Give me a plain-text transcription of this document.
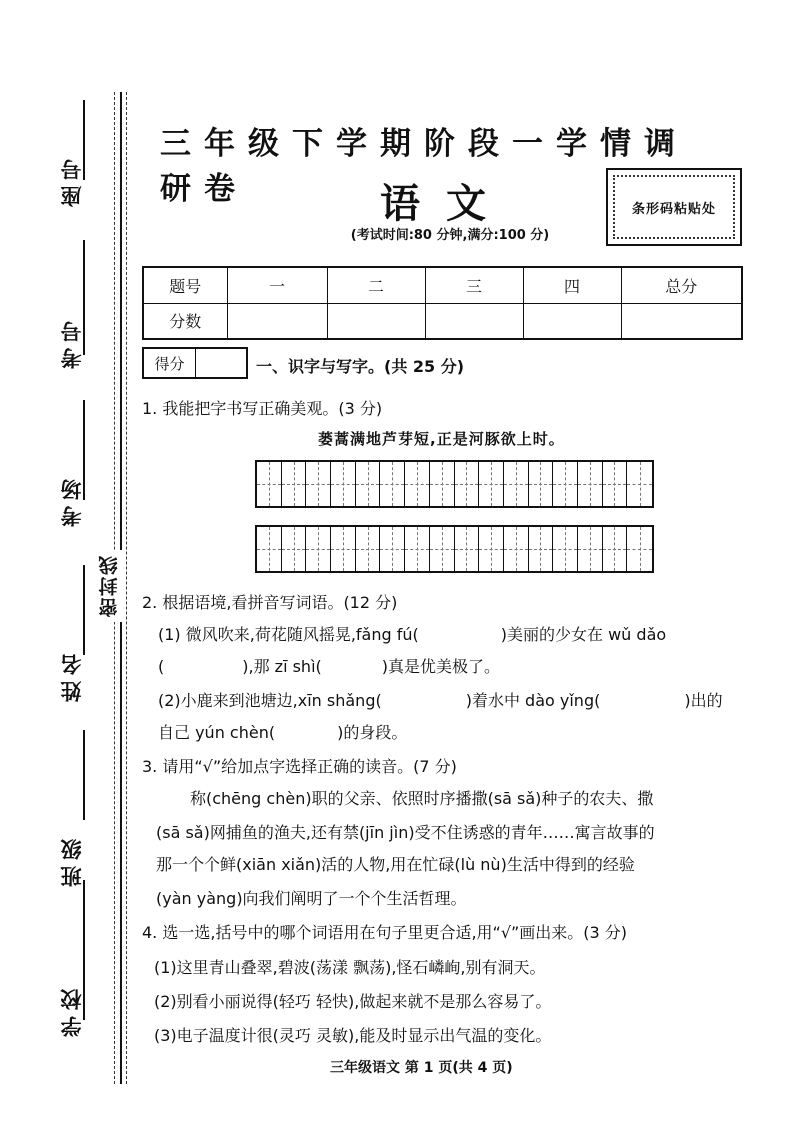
座号
考号
考场
姓名
班级
学校
密封线
三年级下学期阶段一学情调研卷	语文
(考试时间:80 分钟,满分:100 分)
条形码粘贴处
题号	一	二	三	四	总分
分数					
得分	一、识字与写字。(共 25 分)
1. 我能把字书写正确美观。(3 分)
蒌蒿满地芦芽短,正是河豚欲上时。
2. 根据语境,看拼音写词语。(12 分)
(1) 微风吹来,荷花随风摇晃,fǎng fú(	)美丽的少女在 wǔ dǎo
(	),那 zī shì(	)真是优美极了。
(2)小鹿来到池塘边,xīn shǎng(	)着水中 dào yǐng(	)出的
自己 yún chèn(	)的身段。
3. 请用“√”给加点字选择正确的读音。(7 分)
称(chēng chèn)职的父亲、依照时序播撒(sā sǎ)种子的农夫、撒
(sā sǎ)网捕鱼的渔夫,还有禁(jīn jìn)受不住诱惑的青年……寓言故事的
那一个个鲜(xiān xiǎn)活的人物,用在忙碌(lù nù)生活中得到的经验
(yàn yàng)向我们阐明了一个个生活哲理。
4. 选一选,括号中的哪个词语用在句子里更合适,用“√”画出来。(3 分)
(1)这里青山叠翠,碧波(荡漾 飘荡),怪石嶙峋,别有洞天。
(2)别看小丽说得(轻巧 轻快),做起来就不是那么容易了。
(3)电子温度计很(灵巧 灵敏),能及时显示出气温的变化。
三年级语文 第 1 页(共 4 页)
